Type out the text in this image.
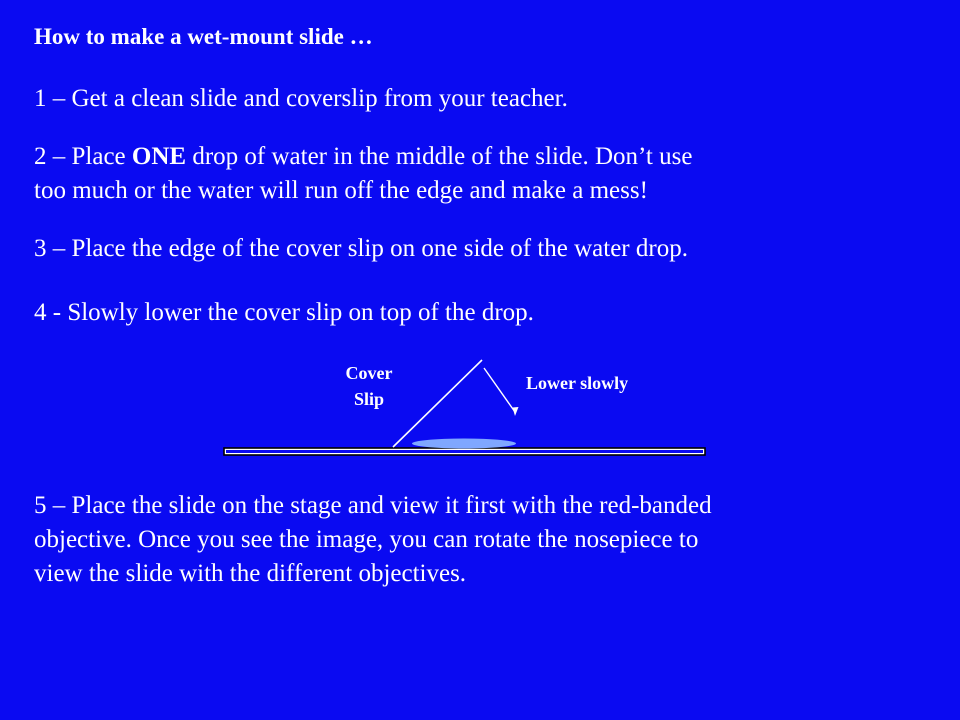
How to make a wet-mount slide …
1 – Get a clean slide and coverslip from your teacher.
2 – Place ONE drop of water in the middle of the slide. Don’t use
too much or the water will run off the edge and make a mess!
3 – Place the edge of the cover slip on one side of the water drop.
4 - Slowly lower the cover slip on top of the drop.
Cover
Slip
Lower slowly
5 – Place the slide on the stage and view it first with the red-banded
objective. Once you see the image, you can rotate the nosepiece to
view the slide with the different objectives.
